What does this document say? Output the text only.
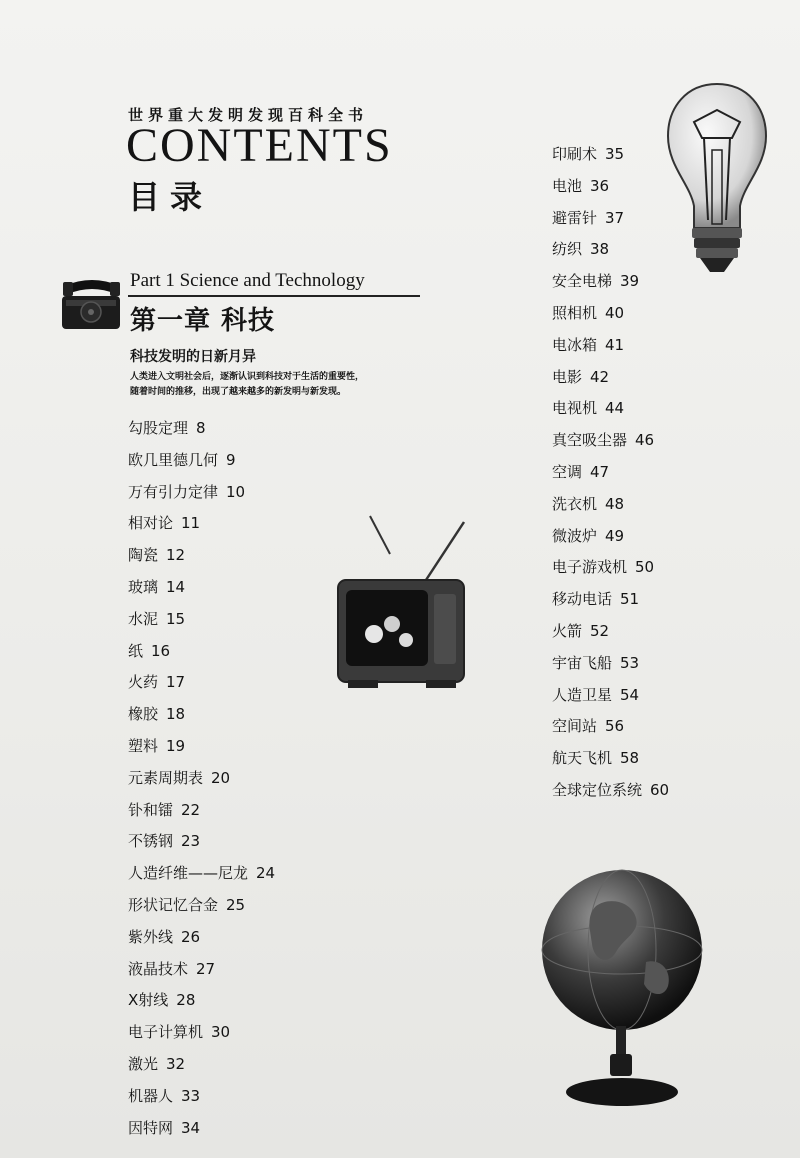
世界重大发明发现百科全书
CONTENTS
目录
Part 1 Science and Technology
第一章 科技
科技发明的日新月异
人类进入文明社会后，逐渐认识到科技对于生活的重要性，
随着时间的推移，出现了越来越多的新发明与新发现。
勾股定理 8
欧几里德几何 9
万有引力定律 10
相对论 11
陶瓷 12
玻璃 14
水泥 15
纸 16
火药 17
橡胶 18
塑料 19
元素周期表 20
钋和镭 22
不锈钢 23
人造纤维——尼龙 24
形状记忆合金 25
紫外线 26
液晶技术 27
X射线 28
电子计算机 30
激光 32
机器人 33
因特网 34
印刷术 35
电池 36
避雷针 37
纺织 38
安全电梯 39
照相机 40
电冰箱 41
电影 42
电视机 44
真空吸尘器 46
空调 47
洗衣机 48
微波炉 49
电子游戏机 50
移动电话 51
火箭 52
宇宙飞船 53
人造卫星 54
空间站 56
航天飞机 58
全球定位系统 60
